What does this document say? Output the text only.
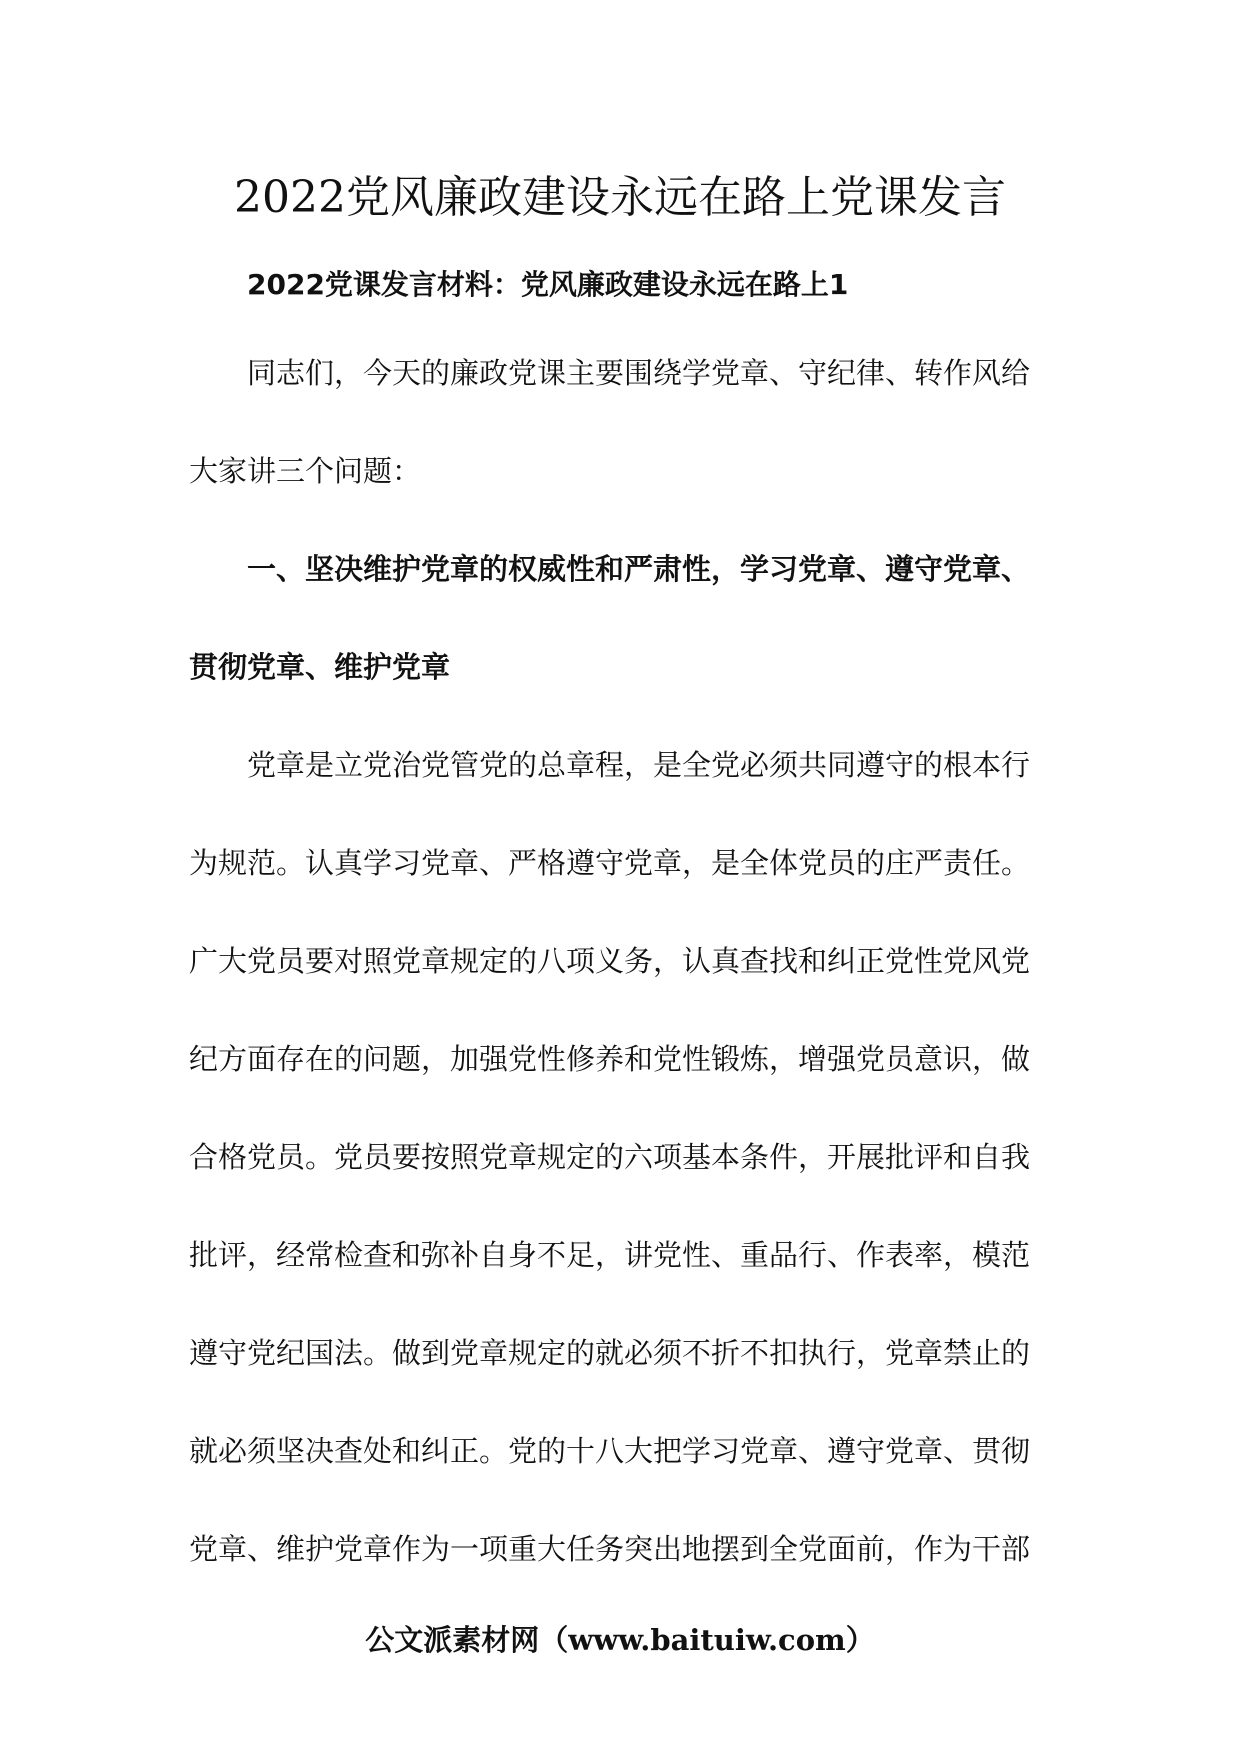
2022党风廉政建设永远在路上党课发言
2022党课发言材料：党风廉政建设永远在路上1
同志们，今天的廉政党课主要围绕学党章、守纪律、转作风给
大家讲三个问题：
一、坚决维护党章的权威性和严肃性，学习党章、遵守党章、
贯彻党章、维护党章
党章是立党治党管党的总章程，是全党必须共同遵守的根本行
为规范。认真学习党章、严格遵守党章，是全体党员的庄严责任。
广大党员要对照党章规定的八项义务，认真查找和纠正党性党风党
纪方面存在的问题，加强党性修养和党性锻炼，增强党员意识，做
合格党员。党员要按照党章规定的六项基本条件，开展批评和自我
批评，经常检查和弥补自身不足，讲党性、重品行、作表率，模范
遵守党纪国法。做到党章规定的就必须不折不扣执行，党章禁止的
就必须坚决查处和纠正。党的十八大把学习党章、遵守党章、贯彻
党章、维护党章作为一项重大任务突出地摆到全党面前，作为干部
公文派素材网（www.baituiw.com）
